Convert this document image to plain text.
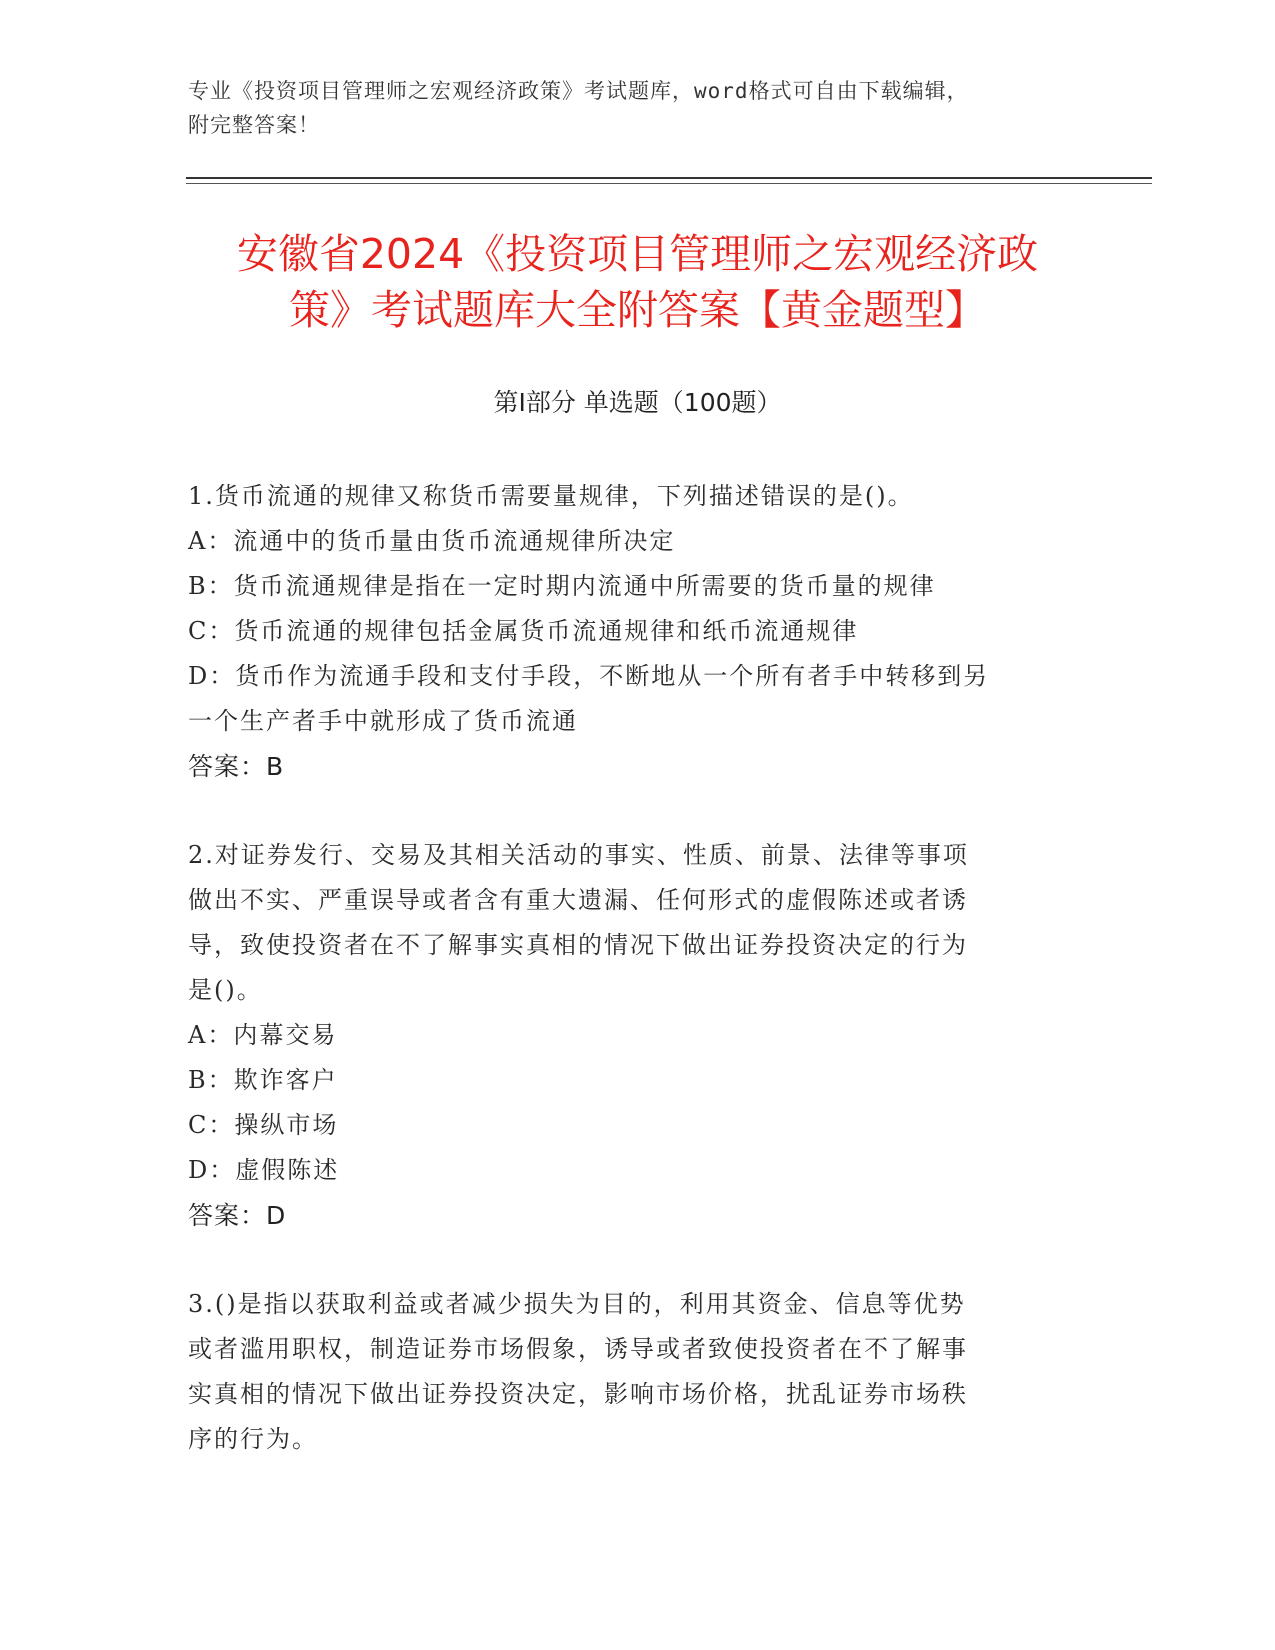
专业《投资项目管理师之宏观经济政策》考试题库，word格式可自由下载编辑，
附完整答案！
安徽省2024《投资项目管理师之宏观经济政
策》考试题库大全附答案【黄金题型】
第Ⅰ部分 单选题（100题）

1.货币流通的规律又称货币需要量规律，下列描述错误的是()。

A：流通中的货币量由货币流通规律所决定

B：货币流通规律是指在一定时期内流通中所需要的货币量的规律

C：货币流通的规律包括金属货币流通规律和纸币流通规律

D：货币作为流通手段和支付手段，不断地从一个所有者手中转移到另

一个生产者手中就形成了货币流通

答案：B

2.对证券发行、交易及其相关活动的事实、性质、前景、法律等事项

做出不实、严重误导或者含有重大遗漏、任何形式的虚假陈述或者诱

导，致使投资者在不了解事实真相的情况下做出证券投资决定的行为

是()。

A：内幕交易

B：欺诈客户

C：操纵市场

D：虚假陈述

答案：D

3.()是指以获取利益或者减少损失为目的，利用其资金、信息等优势

或者滥用职权，制造证券市场假象，诱导或者致使投资者在不了解事

实真相的情况下做出证券投资决定，影响市场价格，扰乱证券市场秩

序的行为。
